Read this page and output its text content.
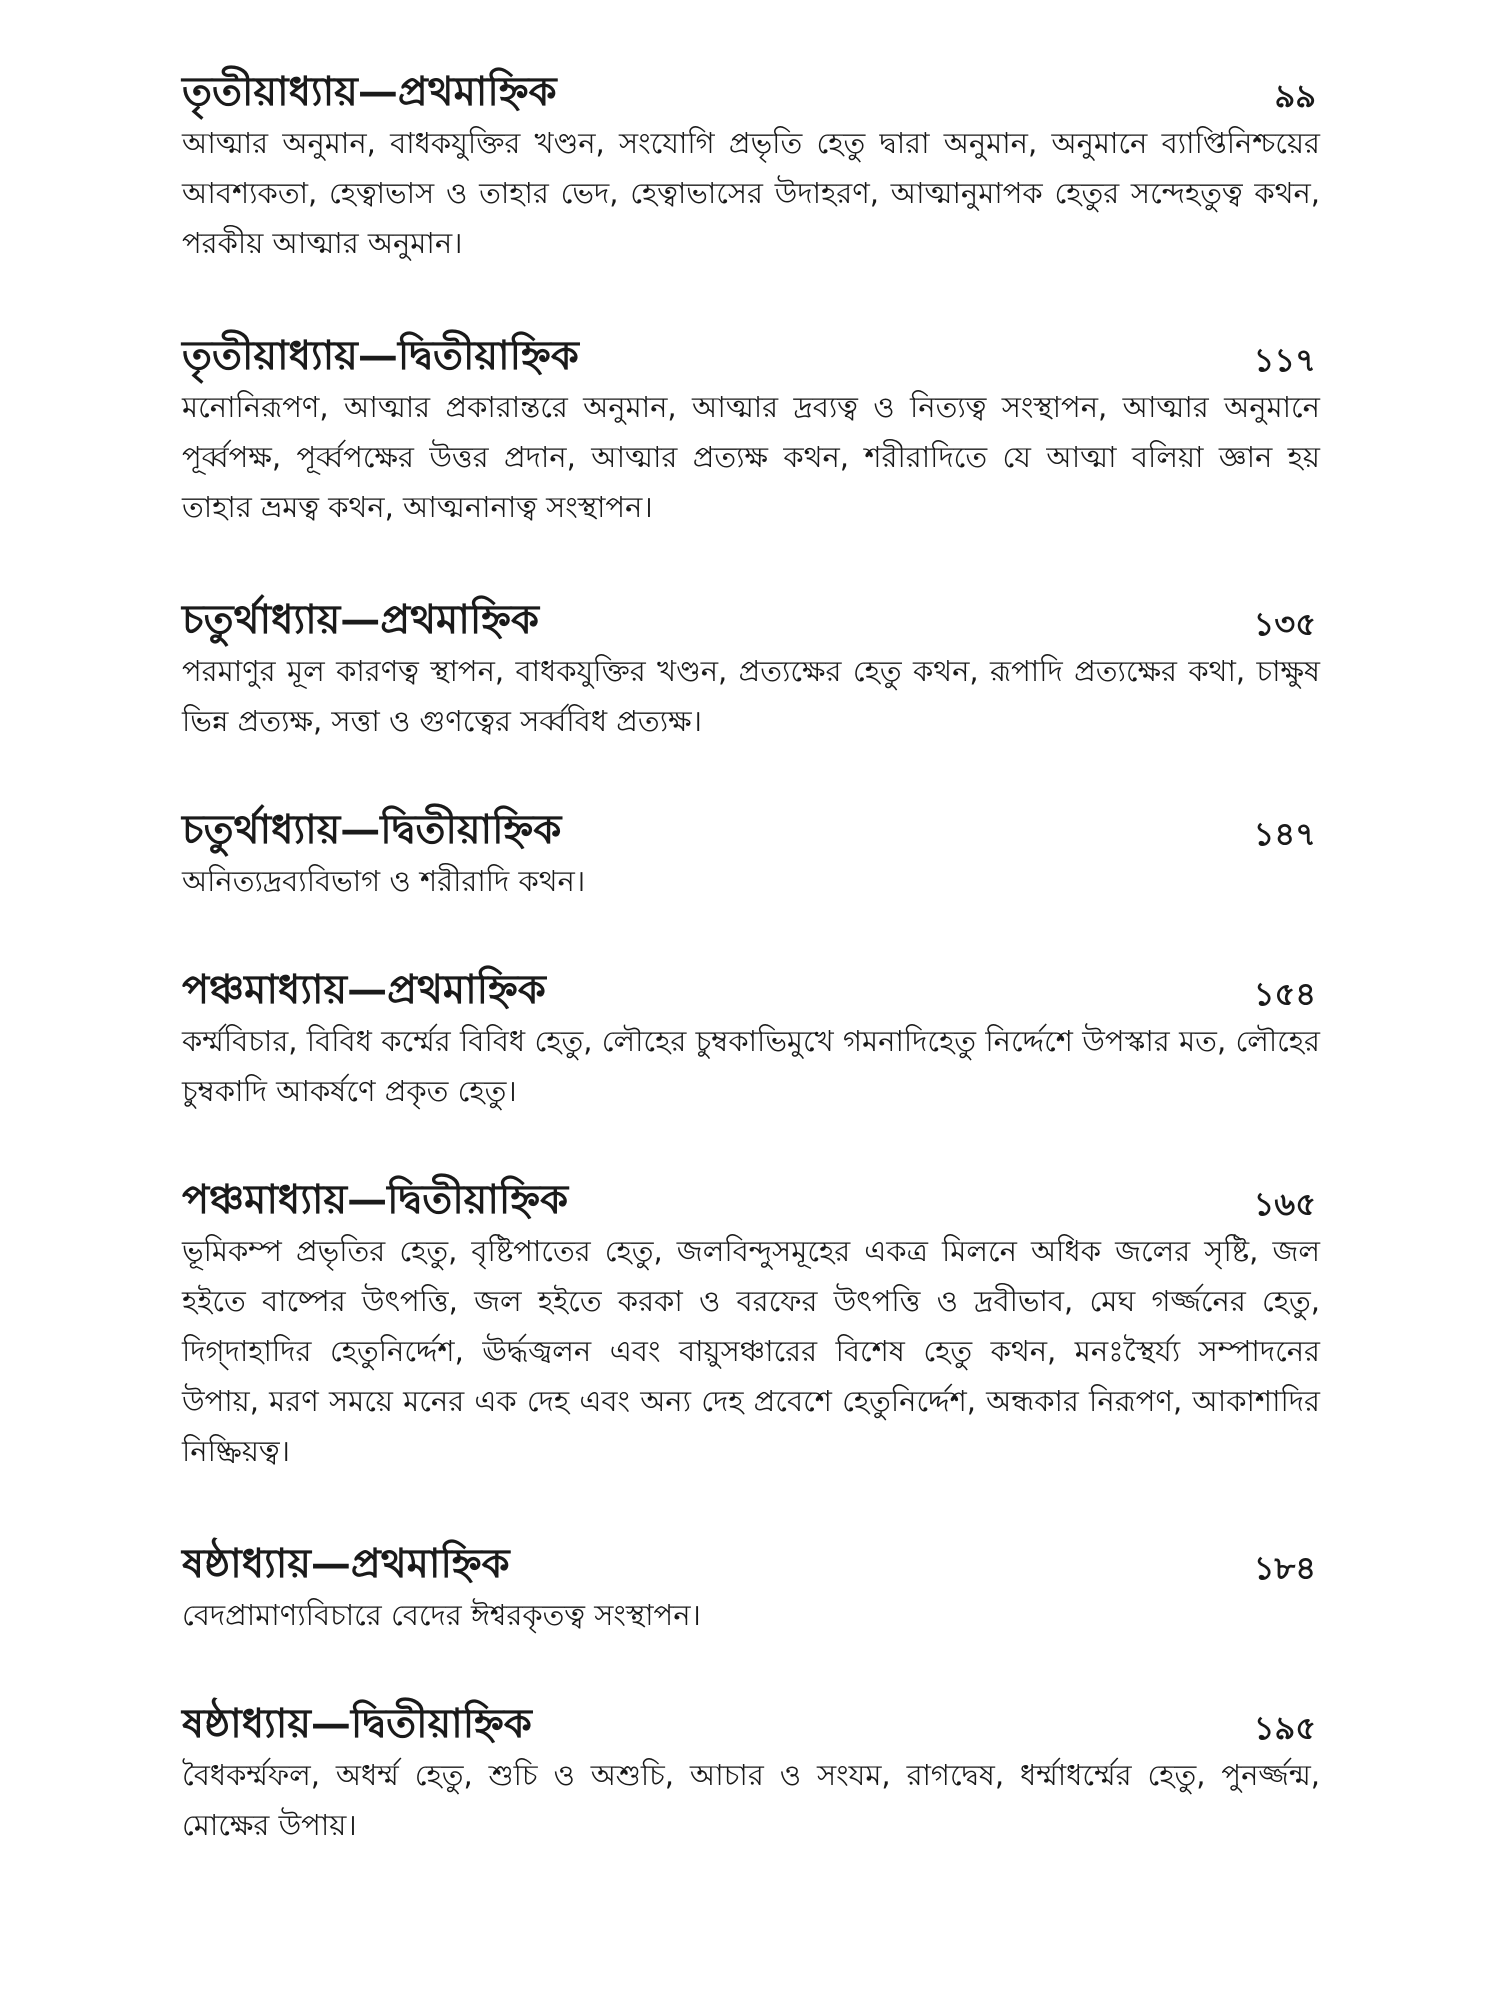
তৃতীয়াধ্যায়—প্রথমাহ্নিক	৯৯
আত্মার অনুমান, বাধকযুক্তির খণ্ডন, সংযোগি প্রভৃতি হেতু দ্বারা অনুমান, অনুমানে ব্যাপ্তিনিশ্চয়ের আবশ্যকতা, হেত্বাভাস ও তাহার ভেদ, হেত্বাভাসের উদাহরণ, আত্মানুমাপক হেতুর সন্দেহতুত্ব কথন, পরকীয় আত্মার অনুমান।
তৃতীয়াধ্যায়—দ্বিতীয়াহ্নিক	১১৭
মনোনিরূপণ, আত্মার প্রকারান্তরে অনুমান, আত্মার দ্রব্যত্ব ও নিত্যত্ব সংস্থাপন, আত্মার অনুমানে পূর্ব্বপক্ষ, পূর্ব্বপক্ষের উত্তর প্রদান, আত্মার প্রত্যক্ষ কথন, শরীরাদিতে যে আত্মা বলিয়া জ্ঞান হয় তাহার ভ্রমত্ব কথন, আত্মনানাত্ব সংস্থাপন।
চতুর্থাধ্যায়—প্রথমাহ্নিক	১৩৫
পরমাণুর মূল কারণত্ব স্থাপন, বাধকযুক্তির খণ্ডন, প্রত্যক্ষের হেতু কথন, রূপাদি প্রত্যক্ষের কথা, চাক্ষুষ ভিন্ন প্রত্যক্ষ, সত্তা ও গুণত্বের সর্ব্ববিধ প্রত্যক্ষ।
চতুর্থাধ্যায়—দ্বিতীয়াহ্নিক	১৪৭
অনিত্যদ্রব্যবিভাগ ও শরীরাদি কথন।
পঞ্চমাধ্যায়—প্রথমাহ্নিক	১৫৪
কর্ম্মবিচার, বিবিধ কর্ম্মের বিবিধ হেতু, লৌহের চুম্বকাভিমুখে গমনাদিহেতু নির্দ্দেশে উপস্কার মত, লৌহের চুম্বকাদি আকর্ষণে প্রকৃত হেতু।
পঞ্চমাধ্যায়—দ্বিতীয়াহ্নিক	১৬৫
ভূমিকম্প প্রভৃতির হেতু, বৃষ্টিপাতের হেতু, জলবিন্দুসমূহের একত্র মিলনে অধিক জলের সৃষ্টি, জল হইতে বাষ্পের উৎপত্তি, জল হইতে করকা ও বরফের উৎপত্তি ও দ্রবীভাব, মেঘ গর্জ্জনের হেতু, দিগ্‌দাহাদির হেতুনির্দ্দেশ, ঊর্দ্ধজ্বলন এবং বায়ুসঞ্চারের বিশেষ হেতু কথন, মনঃস্থৈর্য্য সম্পাদনের উপায়, মরণ সময়ে মনের এক দেহ এবং অন্য দেহ প্রবেশে হেতুনির্দ্দেশ, অন্ধকার নিরূপণ, আকাশাদির নিষ্ক্রিয়ত্ব।
ষষ্ঠাধ্যায়—প্রথমাহ্নিক	১৮৪
বেদপ্রামাণ্যবিচারে বেদের ঈশ্বরকৃতত্ব সংস্থাপন।
ষষ্ঠাধ্যায়—দ্বিতীয়াহ্নিক	১৯৫
বৈধকর্ম্মফল, অধর্ম্ম হেতু, শুচি ও অশুচি, আচার ও সংযম, রাগদ্বেষ, ধর্ম্মাধর্ম্মের হেতু, পুনর্জ্জন্ম, মোক্ষের উপায়।
